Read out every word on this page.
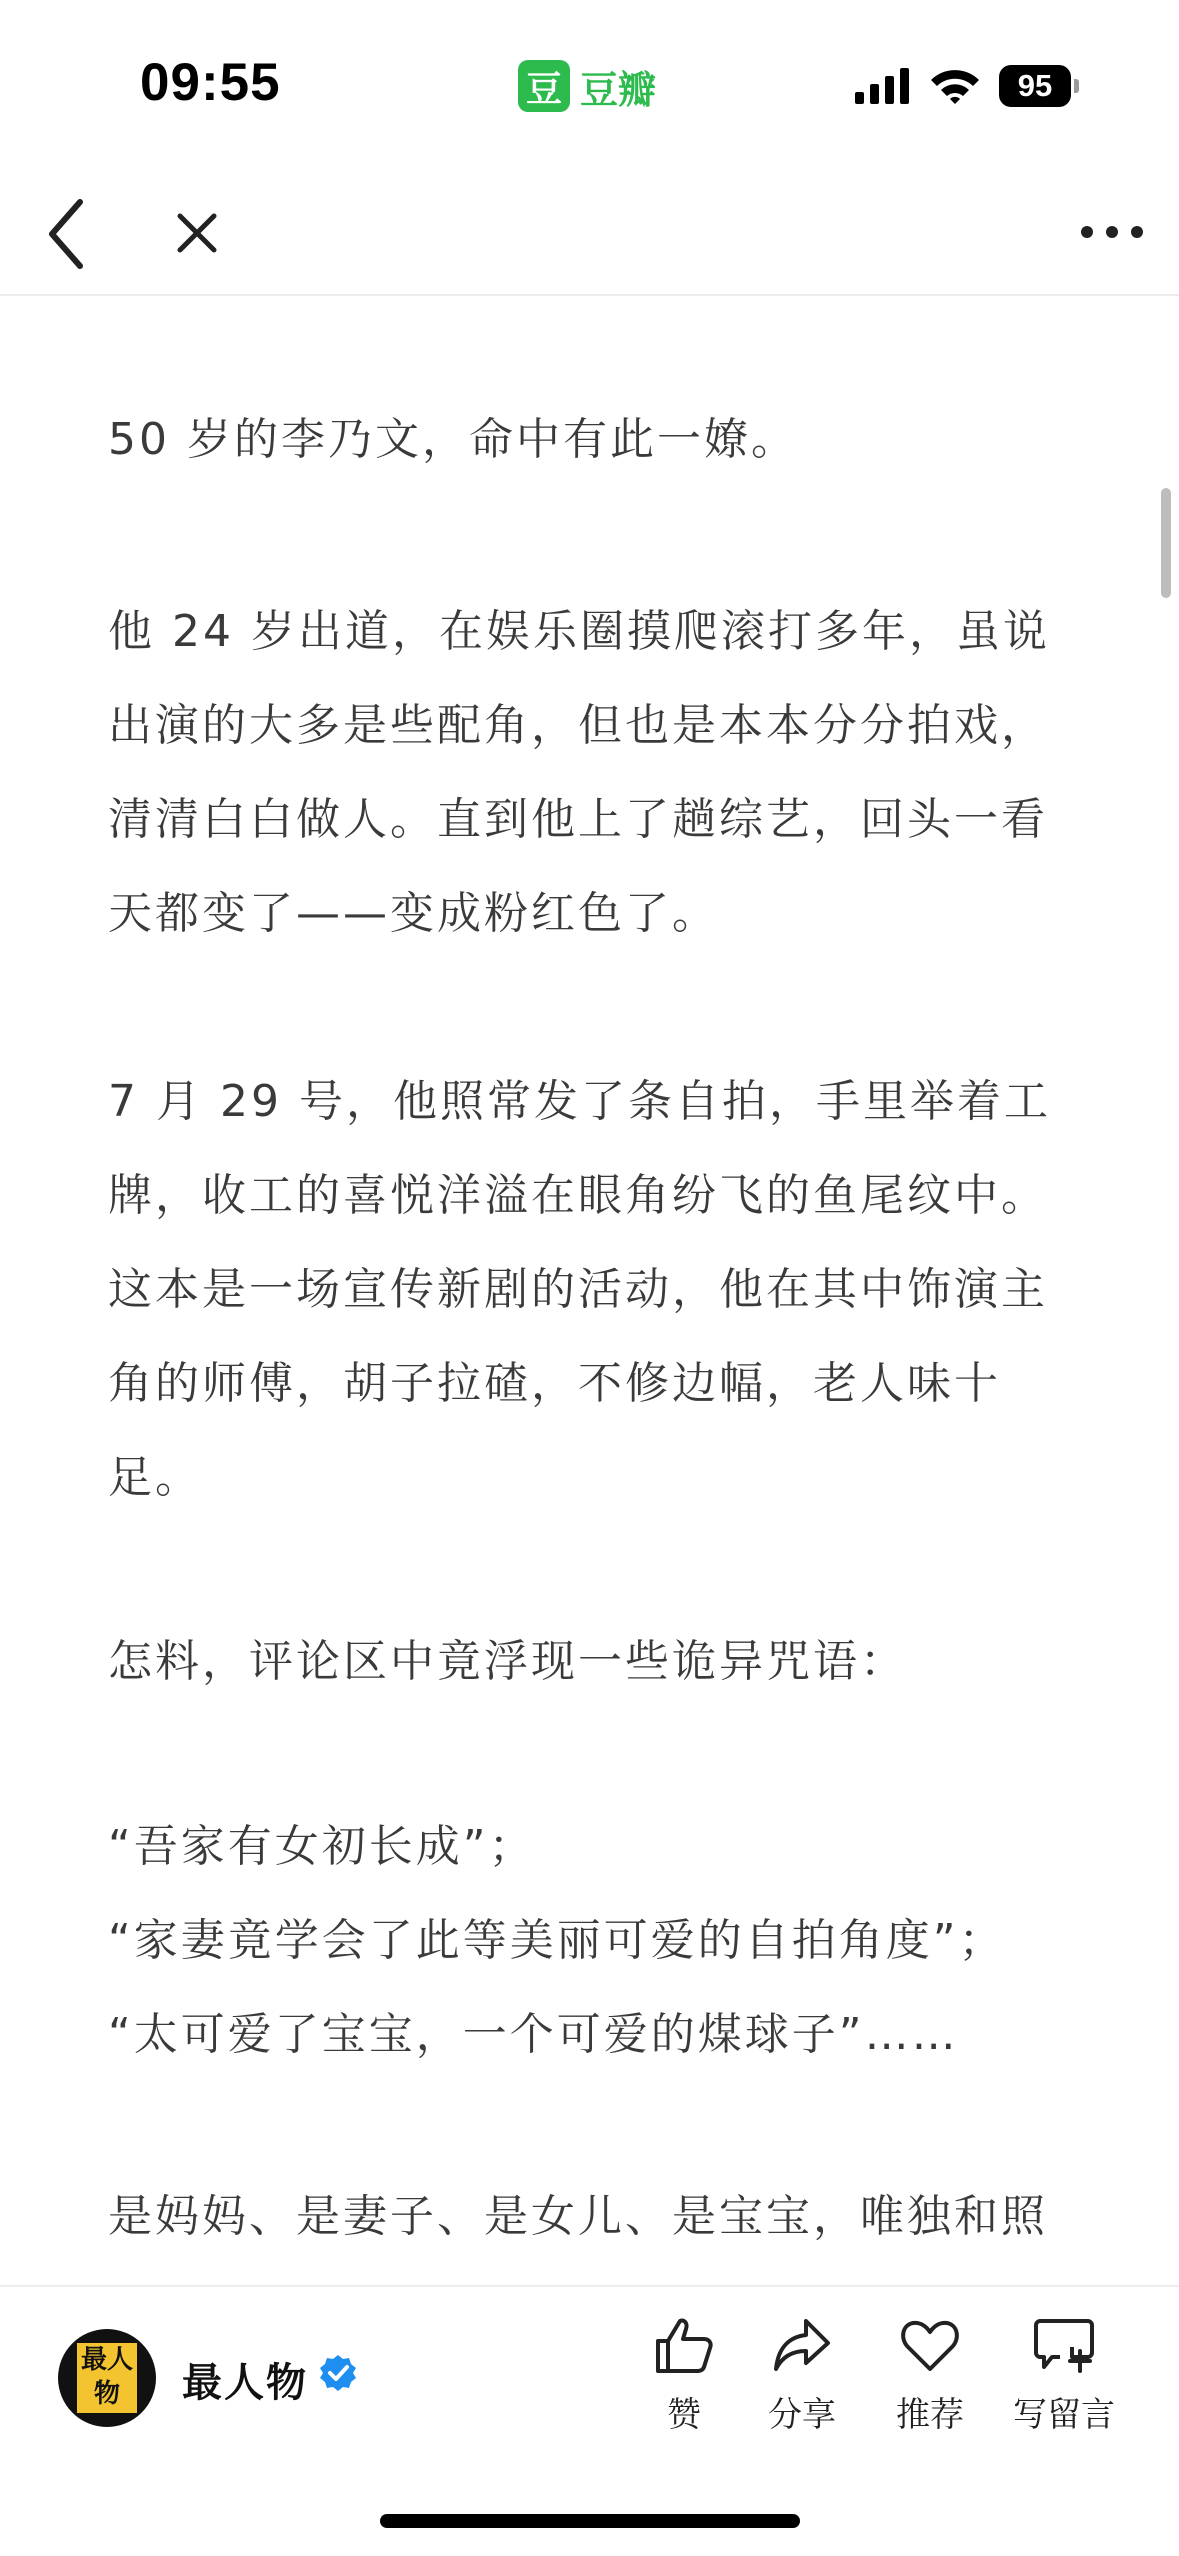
09:55	豆 豆瓣	95

50 岁的李乃文，命中有此一嫽。

他 24 岁出道，在娱乐圈摸爬滚打多年，虽说出演的大多是些配角，但也是本本分分拍戏，清清白白做人。直到他上了趟综艺，回头一看天都变了——变成粉红色了。

7 月 29 号，他照常发了条自拍，手里举着工牌，收工的喜悦洋溢在眼角纷飞的鱼尾纹中。这本是一场宣传新剧的活动，他在其中饰演主角的师傅，胡子拉碴，不修边幅，老人味十足。

怎料，评论区中竟浮现一些诡异咒语：

“吾家有女初长成”；

“家妻竟学会了此等美丽可爱的自拍角度”；

“太可爱了宝宝，一个可爱的煤球子”……

是妈妈、是妻子、是女儿、是宝宝，唯独和照

最人物	最人物
赞	分享	推荐	写留言
